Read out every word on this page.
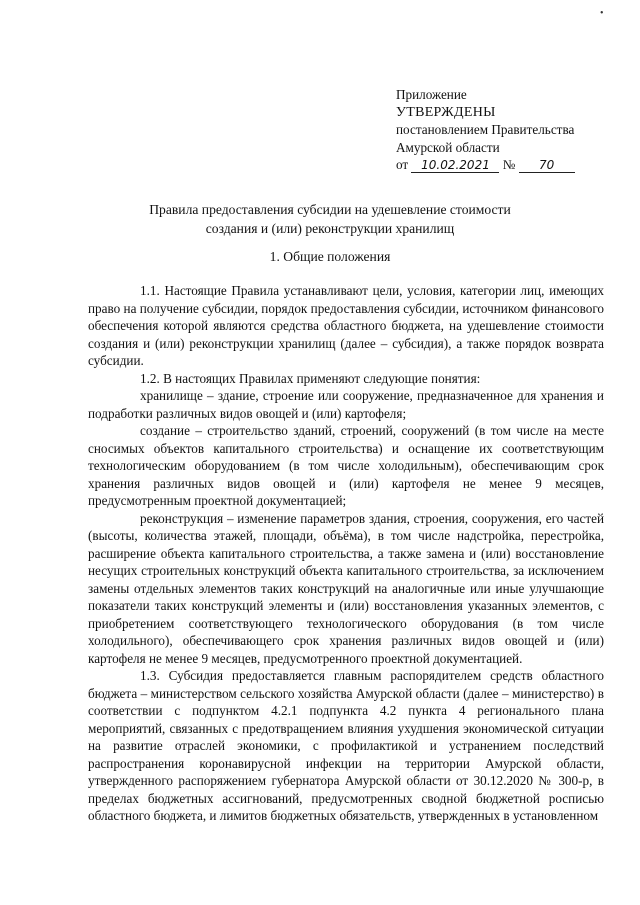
•
Приложение
УТВЕРЖДЕНЫ
постановлением Правительства
Амурской области
от 10.02.2021 № 70
Правила предоставления субсидии на удешевление стоимости
создания и (или) реконструкции хранилищ
1. Общие положения

1.1. Настоящие Правила устанавливают цели, условия, категории лиц, имеющих право на получение субсидии, порядок предоставления субсидии, источником финансового обеспечения которой являются средства областного бюджета, на удешевление стоимости создания и (или) реконструкции хранилищ (далее – субсидия), а также порядок возврата субсидии.

1.2. В настоящих Правилах применяют следующие понятия:

хранилище – здание, строение или сооружение, предназначенное для хранения и подработки различных видов овощей и (или) картофеля;

создание – строительство зданий, строений, сооружений (в том числе на месте сносимых объектов капитального строительства) и оснащение их соответствующим технологическим оборудованием (в том числе холодильным), обеспечивающим срок хранения различных видов овощей и (или) картофеля не менее 9 месяцев, предусмотренным проектной документацией;

реконструкция – изменение параметров здания, строения, сооружения, его частей (высоты, количества этажей, площади, объёма), в том числе надстройка, перестройка, расширение объекта капитального строительства, а также замена и (или) восстановление несущих строительных конструкций объекта капитального строительства, за исключением замены отдельных элементов таких конструкций на аналогичные или иные улучшающие показатели таких конструкций элементы и (или) восстановления указанных элементов, с приобретением соответствующего технологического оборудования (в том числе холодильного), обеспечивающего срок хранения различных видов овощей и (или) картофеля не менее 9 месяцев, предусмотренного проектной документацией.

1.3. Субсидия предоставляется главным распорядителем средств областного бюджета – министерством сельского хозяйства Амурской области (далее – министерство) в соответствии с подпунктом 4.2.1 подпункта 4.2 пункта 4 регионального плана мероприятий, связанных с предотвращением влияния ухудшения экономической ситуации на развитие отраслей экономики, с профилактикой и устранением последствий распространения коронавирусной инфекции на территории Амурской области, утвержденного распоряжением губернатора Амурской области от 30.12.2020 № 300-р, в пределах бюджетных ассигнований, предусмотренных сводной бюджетной росписью областного бюджета, и лимитов бюджетных обязательств, утвержденных в установленном
